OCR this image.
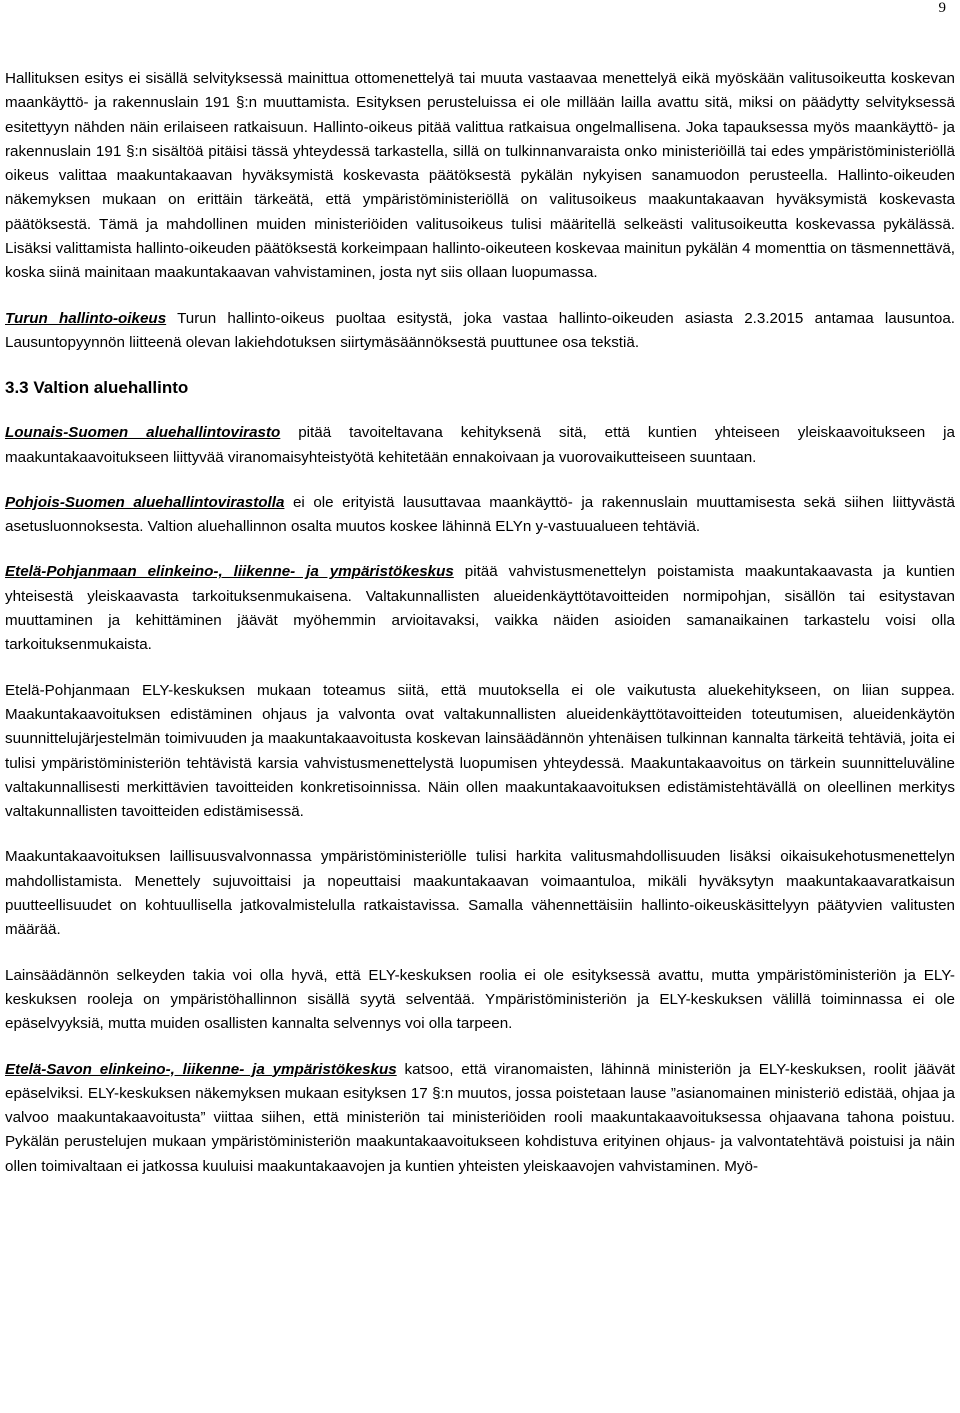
9

Hallituksen esitys ei sisällä selvityksessä mainittua ottomenettelyä tai muuta vastaavaa menettelyä eikä myöskään valitusoikeutta koskevan maankäyttö- ja rakennuslain 191 §:n muuttamista. Esityksen perusteluissa ei ole millään lailla avattu sitä, miksi on päädytty selvityksessä esitettyyn nähden näin erilaiseen ratkaisuun. Hallinto-oikeus pitää valittua ratkaisua ongelmallisena. Joka tapauksessa myös maankäyttö- ja rakennuslain 191 §:n sisältöä pitäisi tässä yhteydessä tarkastella, sillä on tulkinnanvaraista onko ministeriöillä tai edes ympäristöministeriöllä oikeus valittaa maakuntakaavan hyväksymistä koskevasta päätöksestä pykälän nykyisen sanamuodon perusteella. Hallinto-oikeuden näkemyksen mukaan on erittäin tärkeätä, että ympäristöministeriöllä on valitusoikeus maakuntakaavan hyväksymistä koskevasta päätöksestä. Tämä ja mahdollinen muiden ministeriöiden valitusoikeus tulisi määritellä selkeästi valitusoikeutta koskevassa pykälässä. Lisäksi valittamista hallinto-oikeuden päätöksestä korkeimpaan hallinto-oikeuteen koskevaa mainitun pykälän 4 momenttia on täsmennettävä, koska siinä mainitaan maakuntakaavan vahvistaminen, josta nyt siis ollaan luopumassa.

Turun hallinto-oikeus Turun hallinto-oikeus puoltaa esitystä, joka vastaa hallinto-oikeuden asiasta 2.3.2015 antamaa lausuntoa. Lausuntopyynnön liitteenä olevan lakiehdotuksen siirtymäsäännöksestä puuttunee osa tekstiä.

3.3 Valtion aluehallinto

Lounais-Suomen aluehallintovirasto pitää tavoiteltavana kehityksenä sitä, että kuntien yhteiseen yleiskaavoitukseen ja maakuntakaavoitukseen liittyvää viranomaisyhteistyötä kehitetään ennakoivaan ja vuorovaikutteiseen suuntaan.

Pohjois-Suomen aluehallintovirastolla ei ole erityistä lausuttavaa maankäyttö- ja rakennuslain muuttamisesta sekä siihen liittyvästä asetusluonnoksesta. Valtion aluehallinnon osalta muutos koskee lähinnä ELYn y-vastuualueen tehtäviä.

Etelä-Pohjanmaan elinkeino-, liikenne- ja ympäristökeskus pitää vahvistusmenettelyn poistamista maakuntakaavasta ja kuntien yhteisestä yleiskaavasta tarkoituksenmukaisena. Valtakunnallisten alueidenkäyttötavoitteiden normipohjan, sisällön tai esitystavan muuttaminen ja kehittäminen jäävät myöhemmin arvioitavaksi, vaikka näiden asioiden samanaikainen tarkastelu voisi olla tarkoituksenmukaista.

Etelä-Pohjanmaan ELY-keskuksen mukaan toteamus siitä, että muutoksella ei ole vaikutusta aluekehitykseen, on liian suppea. Maakuntakaavoituksen edistäminen ohjaus ja valvonta ovat valtakunnallisten alueidenkäyttötavoitteiden toteutumisen, alueidenkäytön suunnittelujärjestelmän toimivuuden ja maakuntakaavoitusta koskevan lainsäädännön yhtenäisen tulkinnan kannalta tärkeitä tehtäviä, joita ei tulisi ympäristöministeriön tehtävistä karsia vahvistusmenettelystä luopumisen yhteydessä. Maakuntakaavoitus on tärkein suunnitteluväline valtakunnallisesti merkittävien tavoitteiden konkretisoinnissa. Näin ollen maakuntakaavoituksen edistämistehtävällä on oleellinen merkitys valtakunnallisten tavoitteiden edistämisessä.

Maakuntakaavoituksen laillisuusvalvonnassa ympäristöministeriölle tulisi harkita valitusmahdollisuuden lisäksi oikaisukehotusmenettelyn mahdollistamista. Menettely sujuvoittaisi ja nopeuttaisi maakuntakaavan voimaantuloa, mikäli hyväksytyn maakuntakaavaratkaisun puutteellisuudet on kohtuullisella jatkovalmistelulla ratkaistavissa. Samalla vähennettäisiin hallinto-oikeuskäsittelyyn päätyvien valitusten määrää.

Lainsäädännön selkeyden takia voi olla hyvä, että ELY-keskuksen roolia ei ole esityksessä avattu, mutta ympäristöministeriön ja ELY-keskuksen rooleja on ympäristöhallinnon sisällä syytä selventää. Ympäristöministeriön ja ELY-keskuksen välillä toiminnassa ei ole epäselvyyksiä, mutta muiden osallisten kannalta selvennys voi olla tarpeen.

Etelä-Savon elinkeino-, liikenne- ja ympäristökeskus katsoo, että viranomaisten, lähinnä ministeriön ja ELY-keskuksen, roolit jäävät epäselviksi. ELY-keskuksen näkemyksen mukaan esityksen 17 §:n muutos, jossa poistetaan lause ”asianomainen ministeriö edistää, ohjaa ja valvoo maakuntakaavoitusta” viittaa siihen, että ministeriön tai ministeriöiden rooli maakuntakaavoituksessa ohjaavana tahona poistuu. Pykälän perustelujen mukaan ympäristöministeriön maakuntakaavoitukseen kohdistuva erityinen ohjaus- ja valvontatehtävä poistuisi ja näin ollen toimivaltaan ei jatkossa kuuluisi maakuntakaavojen ja kuntien yhteisten yleiskaavojen vahvistaminen. Myö-
